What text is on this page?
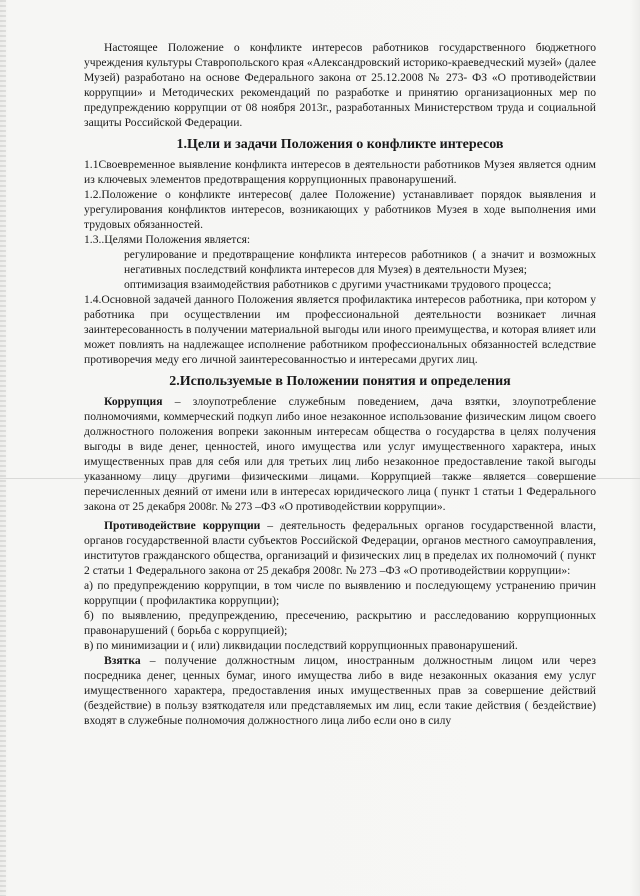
Настоящее Положение о конфликте интересов работников государственного бюджетного учреждения культуры Ставропольского края «Александровский историко-краеведческий музей» (далее Музей) разработано на основе Федерального закона от 25.12.2008 № 273- ФЗ «О противодействии коррупции» и Методических рекомендаций по разработке и принятию организационных мер по предупреждению коррупции от 08 ноября 2013г., разработанных Министерством труда и социальной защиты Российской Федерации.

1.Цели и задачи Положения о конфликте интересов

1.1Своевременное выявление конфликта интересов в деятельности работников Музея является одним из ключевых элементов предотвращения коррупционных правонарушений.

1.2.Положение о конфликте интересов( далее Положение) устанавливает порядок выявления и урегулирования конфликтов интересов, возникающих у работников Музея в ходе выполнения ими трудовых обязанностей.

1.3..Целями Положения является:

регулирование и предотвращение конфликта интересов работников ( а значит и возможных негативных последствий конфликта интересов для Музея) в деятельности Музея;

оптимизация взаимодействия работников с другими участниками трудового процесса;

1.4.Основной задачей данного Положения является профилактика интересов работника, при котором у работника при осуществлении им профессиональной деятельности возникает личная заинтересованность в получении материальной выгоды или иного преимущества, и которая влияет или может повлиять на надлежащее исполнение работником профессиональных обязанностей вследствие противоречия меду его личной заинтересованностью и интересами других лиц.

2.Используемые в Положении понятия и определения

Коррупция – злоупотребление служебным поведением, дача взятки, злоупотребление полномочиями, коммерческий подкуп либо иное незаконное использование физическим лицом своего должностного положения вопреки законным интересам общества о государства в целях получения выгоды в виде денег, ценностей, иного имущества или услуг имущественного характера, иных имущественных прав для себя или для третьих лиц либо незаконное предоставление такой выгоды указанному лицу другими физическими лицами. Коррупцией также является совершение перечисленных деяний от имени или в интересах юридического лица ( пункт 1 статьи 1 Федерального закона от 25 декабря 2008г. № 273 –ФЗ «О противодействии коррупции».

Противодействие коррупции – деятельность федеральных органов государственной власти, органов государственной власти субъектов Российской Федерации, органов местного самоуправления, институтов гражданского общества, организаций и физических лиц в пределах их полномочий ( пункт 2 статьи 1 Федерального закона от 25 декабря 2008г. № 273 –ФЗ «О противодействии коррупции»:

а) по предупреждению коррупции, в том числе по выявлению и последующему устранению причин коррупции ( профилактика коррупции);

б) по выявлению, предупреждению, пресечению, раскрытию и расследованию коррупционных правонарушений ( борьба с коррупцией);

в) по минимизации и ( или) ликвидации последствий коррупционных правонарушений.

Взятка – получение должностным лицом, иностранным должностным лицом или через посредника денег, ценных бумаг, иного имущества либо в виде незаконных оказания ему услуг имущественного характера, предоставления иных имущественных прав за совершение действий (бездействие) в пользу взяткодателя или представляемых им лиц, если такие действия ( бездействие) входят в служебные полномочия должностного лица либо если оно в силу
